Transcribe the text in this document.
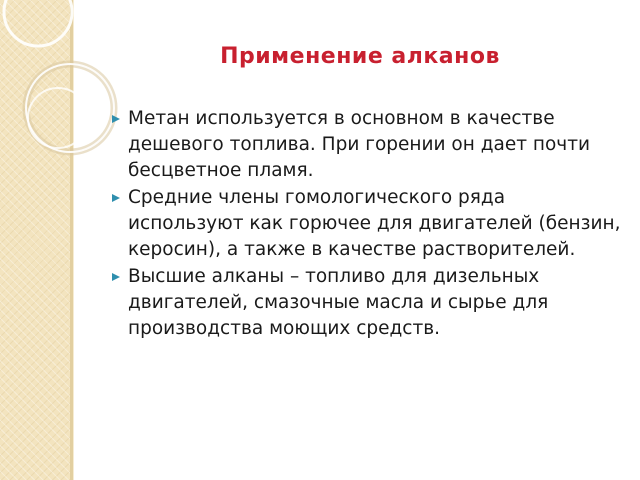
Применение алканов
Метан используется в основном в качестве дешевого топлива. При горении он дает почти бесцветное пламя.
Средние члены гомологического ряда используют как горючее для двигателей (бензин, керосин), а также в качестве растворителей.
Высшие алканы – топливо для дизельных двигателей, смазочные масла и сырье для производства моющих средств.
